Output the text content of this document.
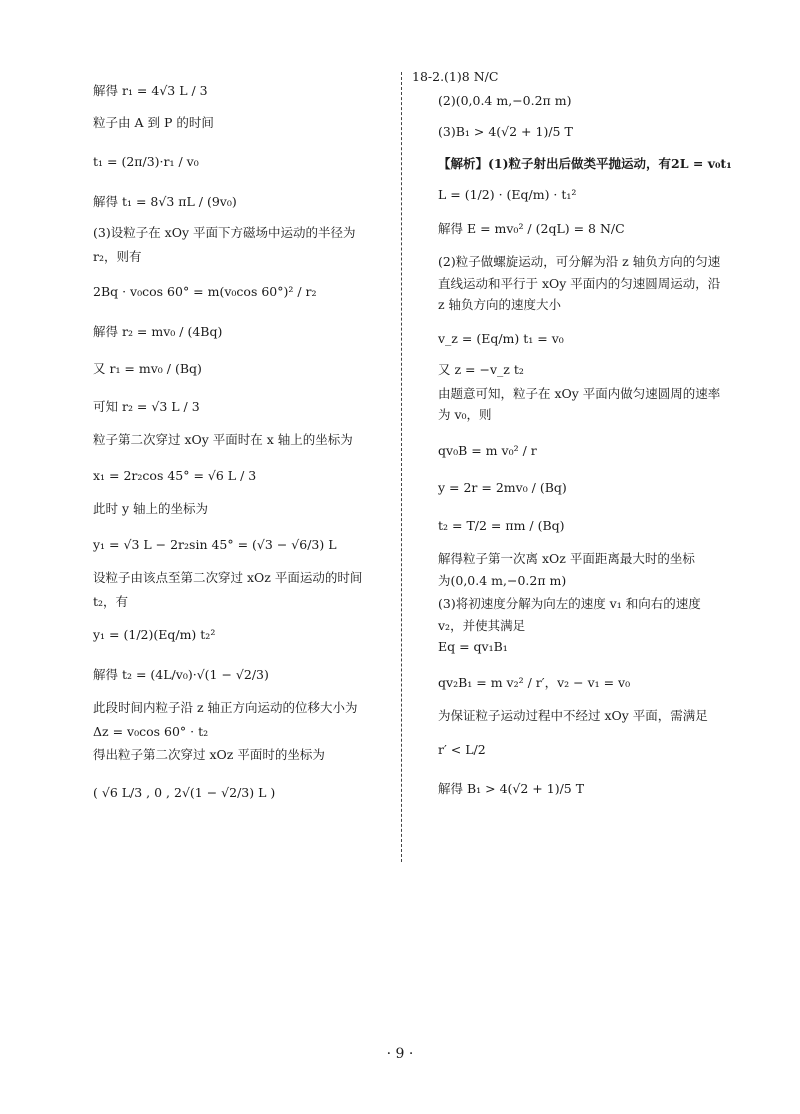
解得 r₁ = 4√3 L / 3
粒子由 A 到 P 的时间
t₁ = (2π/3)·r₁ / v₀
解得 t₁ = 8√3 πL / (9v₀)
(3)设粒子在 xOy 平面下方磁场中运动的半径为
r₂，则有
2Bq · v₀cos 60° = m(v₀cos 60°)² / r₂
解得 r₂ = mv₀ / (4Bq)
又 r₁ = mv₀ / (Bq)
可知 r₂ = √3 L / 3
粒子第二次穿过 xOy 平面时在 x 轴上的坐标为
x₁ = 2r₂cos 45° = √6 L / 3
此时 y 轴上的坐标为
y₁ = √3 L − 2r₂sin 45° = (√3 − √6/3) L
设粒子由该点至第二次穿过 xOz 平面运动的时间
t₂，有
y₁ = (1/2)(Eq/m) t₂²
解得 t₂ = (4L/v₀)·√(1 − √2/3)
此段时间内粒子沿 z 轴正方向运动的位移大小为
Δz = v₀cos 60° · t₂
得出粒子第二次穿过 xOz 平面时的坐标为
( √6 L/3 , 0 , 2√(1 − √2/3) L )
18-2.(1)8 N/C
(2)(0,0.4 m,−0.2π m)
(3)B₁ > 4(√2 + 1)/5 T
【解析】(1)粒子射出后做类平抛运动，有2L = v₀t₁
L = (1/2) · (Eq/m) · t₁²
解得 E = mv₀² / (2qL) = 8 N/C
(2)粒子做螺旋运动，可分解为沿 z 轴负方向的匀速
直线运动和平行于 xOy 平面内的匀速圆周运动，沿
z 轴负方向的速度大小
v_z = (Eq/m) t₁ = v₀
又 z = −v_z t₂
由题意可知，粒子在 xOy 平面内做匀速圆周的速率
为 v₀，则
qv₀B = m v₀² / r
y = 2r = 2mv₀ / (Bq)
t₂ = T/2 = πm / (Bq)
解得粒子第一次离 xOz 平面距离最大时的坐标
为(0,0.4 m,−0.2π m)
(3)将初速度分解为向左的速度 v₁ 和向右的速度
v₂，并使其满足
Eq = qv₁B₁
qv₂B₁ = m v₂² / r′，v₂ − v₁ = v₀
为保证粒子运动过程中不经过 xOy 平面，需满足
r′ < L/2
解得 B₁ > 4(√2 + 1)/5 T
· 9 ·
